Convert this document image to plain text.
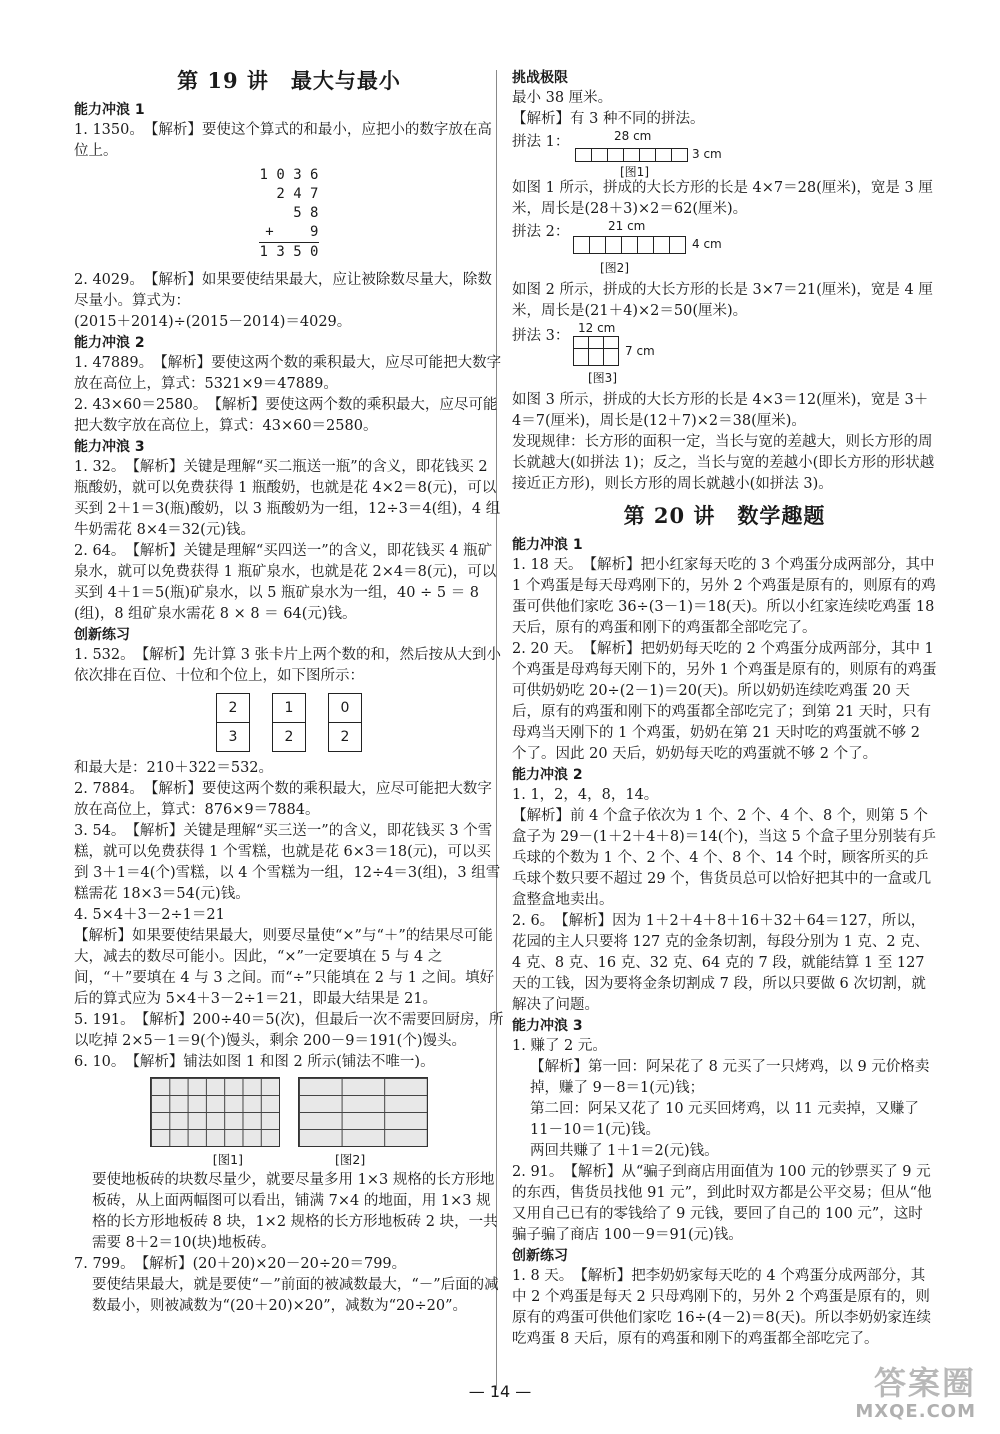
第 19 讲　最大与最小
能力冲浪 1

1. 1350。　【解析】要使这个算式的和最小，应把小的数字放在高位上。

1 0 3 6
2 4 7
5 8
+　　 9
1 3 5 0

2. 4029。　【解析】如果要使结果最大，应让被除数尽量大，除数尽量小。算式为：

(2015＋2014)÷(2015－2014)＝4029。

能力冲浪 2

1. 47889。　【解析】要使这两个数的乘积最大，应尽可能把大数字放在高位上，算式：5321×9＝47889。

2. 43×60＝2580。　【解析】要使这两个数的乘积最大，应尽可能把大数字放在高位上，算式：43×60＝2580。

能力冲浪 3

1. 32。　【解析】关键是理解“买二瓶送一瓶”的含义，即花钱买 2 瓶酸奶，就可以免费获得 1 瓶酸奶，也就是花 4×2＝8(元)，可以买到 2＋1＝3(瓶)酸奶，以 3 瓶酸奶为一组，12÷3＝4(组)，4 组牛奶需花 8×4＝32(元)钱。

2. 64。　【解析】关键是理解“买四送一”的含义，即花钱买 4 瓶矿泉水，就可以免费获得 1 瓶矿泉水，也就是花 2×4＝8(元)，可以买到 4＋1＝5(瓶)矿泉水，以 5 瓶矿泉水为一组，40 ÷ 5 ＝ 8 (组)，8 组矿泉水需花 8 × 8 ＝ 64(元)钱。

创新练习

1. 532。　【解析】先计算 3 张卡片上两个数的和，然后按从大到小依次排在百位、十位和个位上，如下图所示：

2
3
1
2
0
2

和最大是：210＋322＝532。

2. 7884。　【解析】要使这两个数的乘积最大，应尽可能把大数字放在高位上，算式：876×9＝7884。

3. 54。　【解析】关键是理解“买三送一”的含义，即花钱买 3 个雪糕，就可以免费获得 1 个雪糕，也就是花 6×3＝18(元)，可以买到 3＋1＝4(个)雪糕，以 4 个雪糕为一组，12÷4＝3(组)，3 组雪糕需花 18×3＝54(元)钱。

4. 5×4＋3－2÷1＝21

【解析】如果要使结果最大，则要尽量使“×”与“＋”的结果尽可能大，减去的数尽可能小。因此，“×”一定要填在 5 与 4 之间，“＋”要填在 4 与 3 之间。而“÷”只能填在 2 与 1 之间。填好后的算式应为 5×4＋3－2÷1＝21，即最大结果是 21。

5. 191。　【解析】200÷40＝5(次)，但最后一次不需要回厨房，所以吃掉 2×5－1＝9(个)馒头，剩余 200－9＝191(个)馒头。

6. 10。　【解析】铺法如图 1 和图 2 所示(铺法不唯一)。

[图1]	[图2]

要使地板砖的块数尽量少，就要尽量多用 1×3 规格的长方形地板砖，从上面两幅图可以看出，铺满 7×4 的地面，用 1×3 规格的长方形地板砖 8 块，1×2 规格的长方形地板砖 2 块，一共需要 8＋2＝10(块)地板砖。

7. 799。　【解析】(20＋20)×20－20÷20＝799。

要使结果最大，就是要使“－”前面的被减数最大，“－”后面的减数最小，则被减数为“(20＋20)×20”，减数为“20÷20”。

挑战极限

最小 38 厘米。

【解析】有 3 种不同的拼法。

拼法 1：	28 cm
3 cm
[图1]

如图 1 所示，拼成的大长方形的长是 4×7＝28(厘米)，宽是 3 厘米，周长是(28＋3)×2＝62(厘米)。

拼法 2：	21 cm
4 cm
[图2]

如图 2 所示，拼成的大长方形的长是 3×7＝21(厘米)，宽是 4 厘米，周长是(21＋4)×2＝50(厘米)。

拼法 3： 12 cm
7 cm
[图3]

如图 3 所示，拼成的大长方形的长是 4×3＝12(厘米)，宽是 3＋4＝7(厘米)，周长是(12＋7)×2＝38(厘米)。

发现规律：长方形的面积一定，当长与宽的差越大，则长方形的周长就越大(如拼法 1)；反之，当长与宽的差越小(即长方形的形状越接近正方形)，则长方形的周长就越小(如拼法 3)。

第 20 讲　数学趣题
能力冲浪 1

1. 18 天。　【解析】把小红家每天吃的 3 个鸡蛋分成两部分，其中 1 个鸡蛋是每天母鸡刚下的，另外 2 个鸡蛋是原有的，则原有的鸡蛋可供他们家吃 36÷(3－1)＝18(天)。所以小红家连续吃鸡蛋 18 天后，原有的鸡蛋和刚下的鸡蛋都全部吃完了。

2. 20 天。　【解析】把奶奶每天吃的 2 个鸡蛋分成两部分，其中 1 个鸡蛋是母鸡每天刚下的，另外 1 个鸡蛋是原有的，则原有的鸡蛋可供奶奶吃 20÷(2－1)＝20(天)。所以奶奶连续吃鸡蛋 20 天后，原有的鸡蛋和刚下的鸡蛋都全部吃完了；到第 21 天时，只有母鸡当天刚下的 1 个鸡蛋，奶奶在第 21 天时吃的鸡蛋就不够 2 个了。因此 20 天后，奶奶每天吃的鸡蛋就不够 2 个了。

能力冲浪 2

1. 1，2，4，8，14。

【解析】前 4 个盒子依次为 1 个、2 个、4 个、8 个，则第 5 个盒子为 29－(1＋2＋4＋8)＝14(个)，当这 5 个盒子里分别装有乒乓球的个数为 1 个、2 个、4 个、8 个、14 个时，顾客所买的乒乓球个数只要不超过 29 个，售货员总可以恰好把其中的一盒或几盒整盒地卖出。

2. 6。　【解析】因为 1＋2＋4＋8＋16＋32＋64＝127，所以，花园的主人只要将 127 克的金条切割，每段分别为 1 克、2 克、4 克、8 克、16 克、32 克、64 克的 7 段，就能结算 1 至 127 天的工钱，因为要将金条切割成 7 段，所以只要做 6 次切割，就解决了问题。

能力冲浪 3

1. 赚了 2 元。

【解析】第一回：阿呆花了 8 元买了一只烤鸡，以 9 元价格卖掉，赚了 9－8＝1(元)钱；

第二回：阿呆又花了 10 元买回烤鸡，以 11 元卖掉，又赚了 11－10＝1(元)钱。

两回共赚了 1＋1＝2(元)钱。

2. 91。　【解析】从“骗子到商店用面值为 100 元的钞票买了 9 元的东西，售货员找他 91 元”，到此时双方都是公平交易；但从“他又用自己已有的零钱给了 9 元钱，要回了自己的 100 元”，这时骗子骗了商店 100－9＝91(元)钱。

创新练习

1. 8 天。　【解析】把李奶奶家每天吃的 4 个鸡蛋分成两部分，其中 2 个鸡蛋是每天 2 只母鸡刚下的，另外 2 个鸡蛋是原有的，则原有的鸡蛋可供他们家吃 16÷(4－2)＝8(天)。所以李奶奶家连续吃鸡蛋 8 天后，原有的鸡蛋和刚下的鸡蛋都全部吃完了。

— 14 —	答案圈
MXQE.COM
